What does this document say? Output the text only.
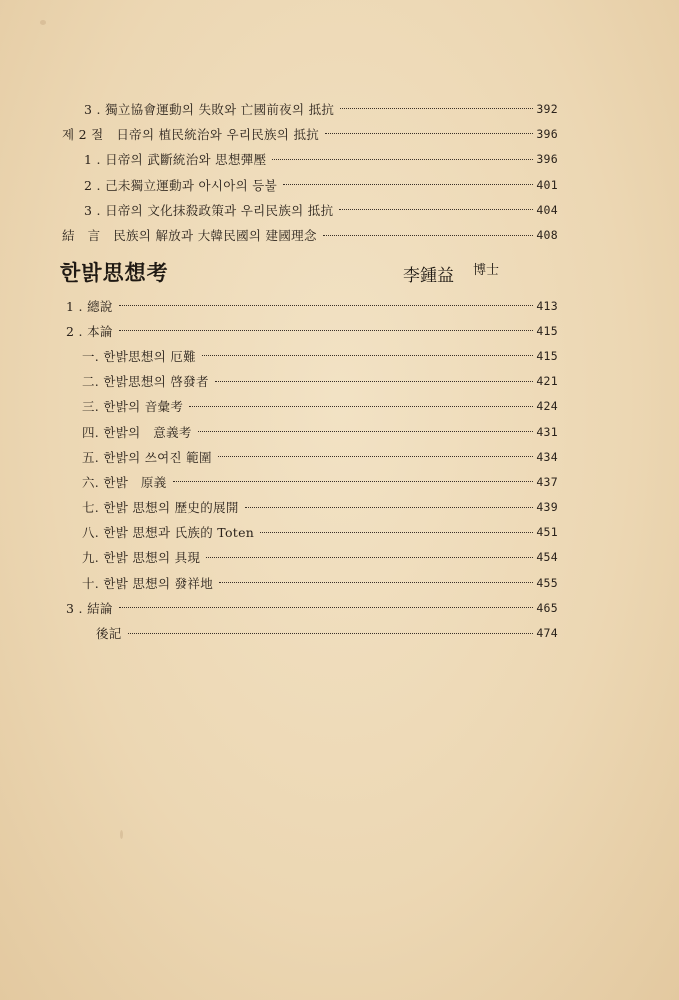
3 . 獨立協會運動의 失敗와 亡國前夜의 抵抗	392
제 2 절　日帝의 植民統治와 우리民族의 抵抗	396
1 . 日帝의 武斷統治와 思想彈壓	396
2 . 己未獨立運動과 아시아의 등불	401
3 . 日帝의 文化抹殺政策과 우리民族의 抵抗	404
結　言　民族의 解放과 大韓民國의 建國理念	408
한밝思想考	李鍾益 博士
1 . 總說	413
2 . 本論	415
一. 한밝思想의 厄難	415
二. 한밝思想의 啓發者	421
三. 한밝의 音彙考	424
四. 한밝의　意義考	431
五. 한밝의 쓰여진 範圍	434
六. 한밝　原義	437
七. 한밝 思想의 歷史的展開	439
八. 한밝 思想과 氏族的 Toten	451
九. 한밝 思想의 具現	454
十. 한밝 思想의 發祥地	455
3 . 結論	465
後記	474
